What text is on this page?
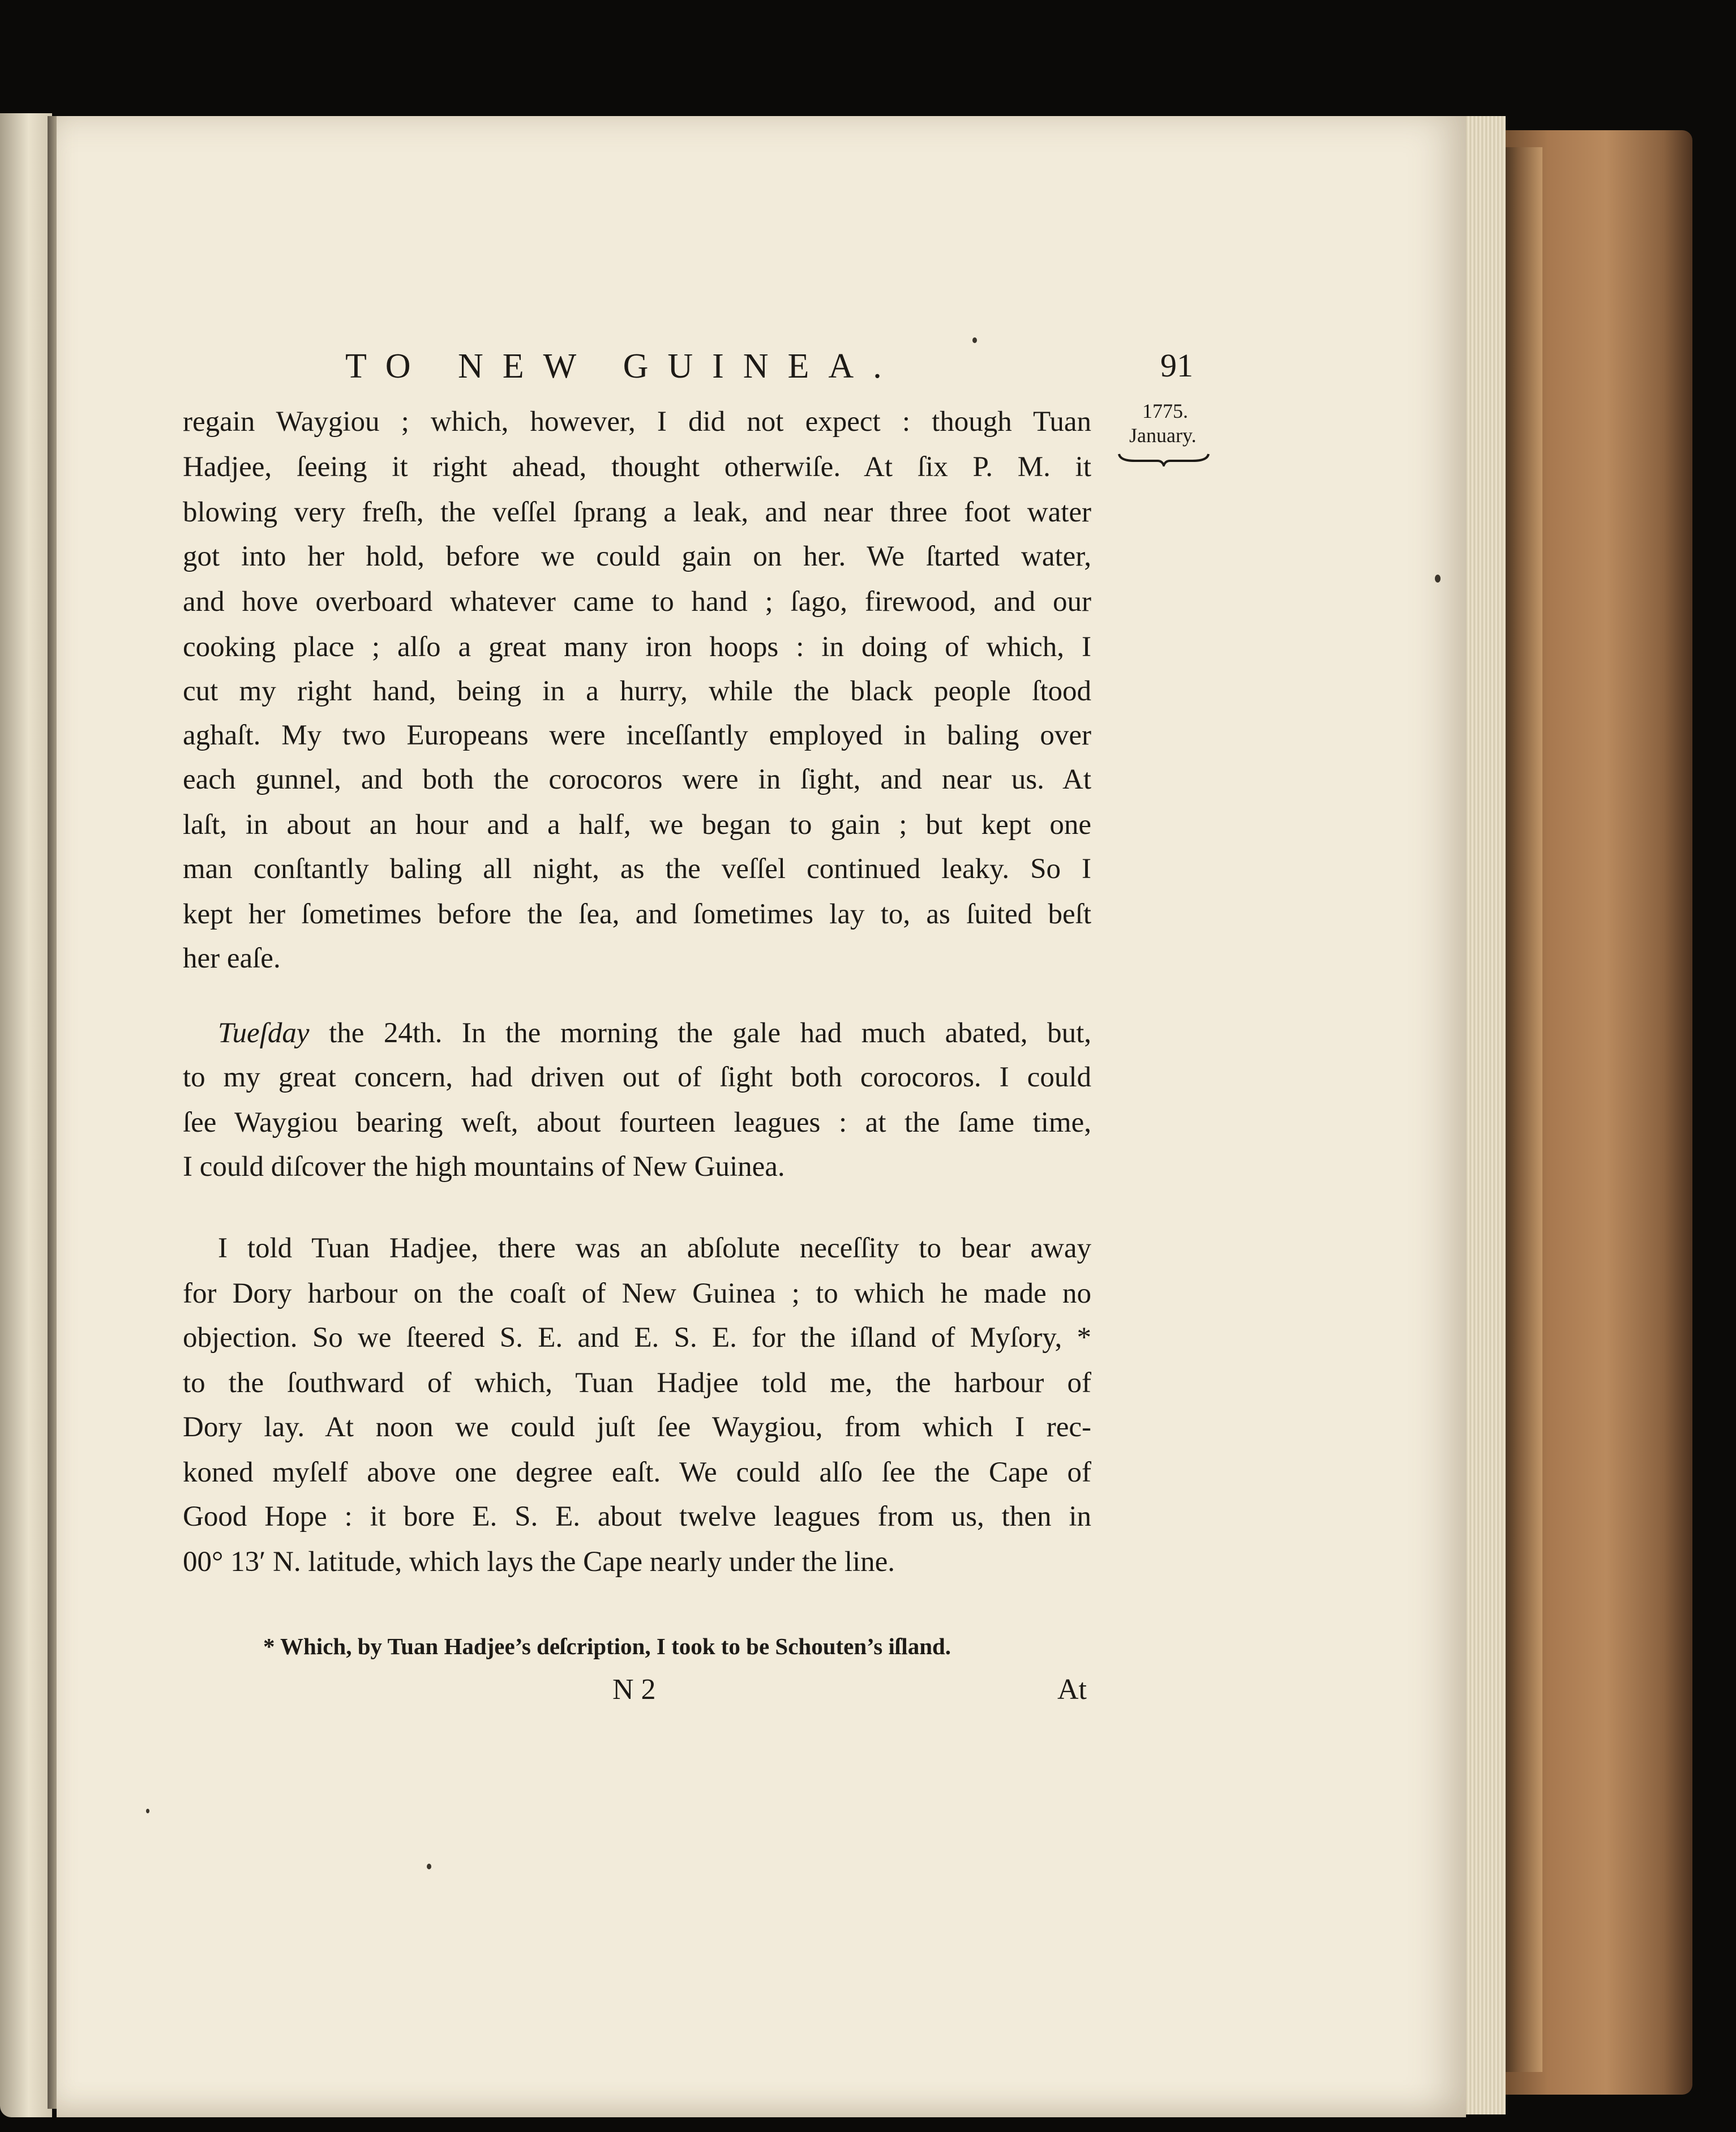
TO NEW GUINEA.	91
1775.
January.
regain Waygiou ; which, however, I did not expect : though Tuan
Hadjee, ſeeing it right ahead, thought otherwiſe. At ſix P. M. it
blowing very freſh, the veſſel ſprang a leak, and near three foot water
got into her hold, before we could gain on her. We ſtarted water,
and hove overboard whatever came to hand ; ſago, firewood, and our
cooking place ; alſo a great many iron hoops : in doing of which, I
cut my right hand, being in a hurry, while the black people ſtood
aghaſt. My two Europeans were inceſſantly employed in baling over
each gunnel, and both the corocoros were in ſight, and near us. At
laſt, in about an hour and a half, we began to gain ; but kept one
man conſtantly baling all night, as the veſſel continued leaky. So I
kept her ſometimes before the ſea, and ſometimes lay to, as ſuited beſt
her eaſe.
Tueſday the 24th. In the morning the gale had much abated, but,
to my great concern, had driven out of ſight both corocoros. I could
ſee Waygiou bearing weſt, about fourteen leagues : at the ſame time,
I could diſcover the high mountains of New Guinea.
I told Tuan Hadjee, there was an abſolute neceſſity to bear away
for Dory harbour on the coaſt of New Guinea ; to which he made no
objection. So we ſteered S. E. and E. S. E. for the iſland of Myſory, *
to the ſouthward of which, Tuan Hadjee told me, the harbour of
Dory lay. At noon we could juſt ſee Waygiou, from which I rec-
koned myſelf above one degree eaſt. We could alſo ſee the Cape of
Good Hope : it bore E. S. E. about twelve leagues from us, then in
00° 13′ N. latitude, which lays the Cape nearly under the line.
* Which, by Tuan Hadjee’s deſcription, I took to be Schouten’s iſland.
N 2	At
